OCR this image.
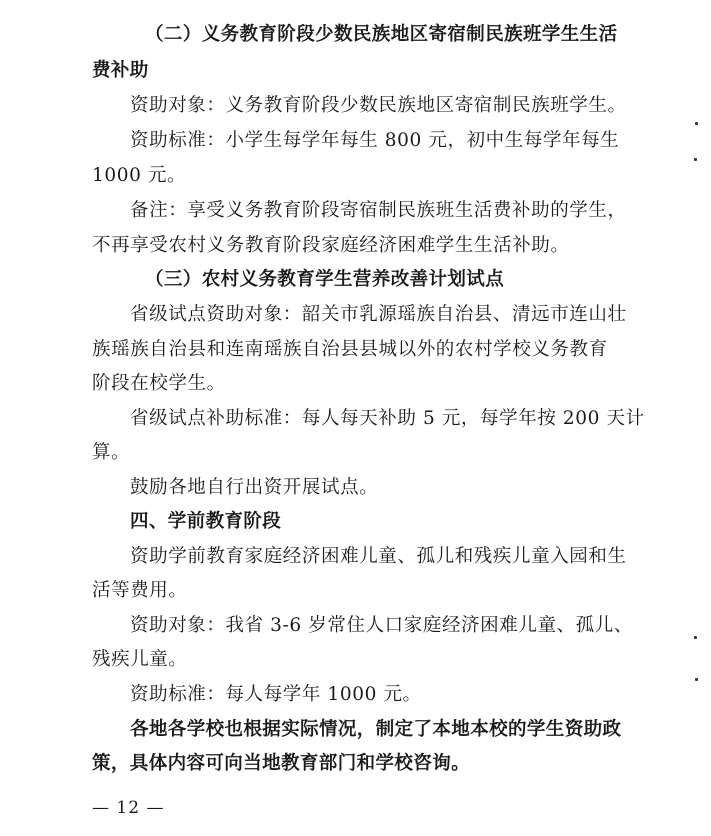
（二）义务教育阶段少数民族地区寄宿制民族班学生生活
费补助
资助对象：义务教育阶段少数民族地区寄宿制民族班学生。
资助标准：小学生每学年每生 800 元，初中生每学年每生
1000 元。
备注：享受义务教育阶段寄宿制民族班生活费补助的学生，
不再享受农村义务教育阶段家庭经济困难学生生活补助。
（三）农村义务教育学生营养改善计划试点
省级试点资助对象：韶关市乳源瑶族自治县、清远市连山壮
族瑶族自治县和连南瑶族自治县县城以外的农村学校义务教育
阶段在校学生。
省级试点补助标准：每人每天补助 5 元，每学年按 200 天计
算。
鼓励各地自行出资开展试点。
四、学前教育阶段
资助学前教育家庭经济困难儿童、孤儿和残疾儿童入园和生
活等费用。
资助对象：我省 3-6 岁常住人口家庭经济困难儿童、孤儿、
残疾儿童。
资助标准：每人每学年 1000 元。
各地各学校也根据实际情况，制定了本地本校的学生资助政
策，具体内容可向当地教育部门和学校咨询。
— 12 —
